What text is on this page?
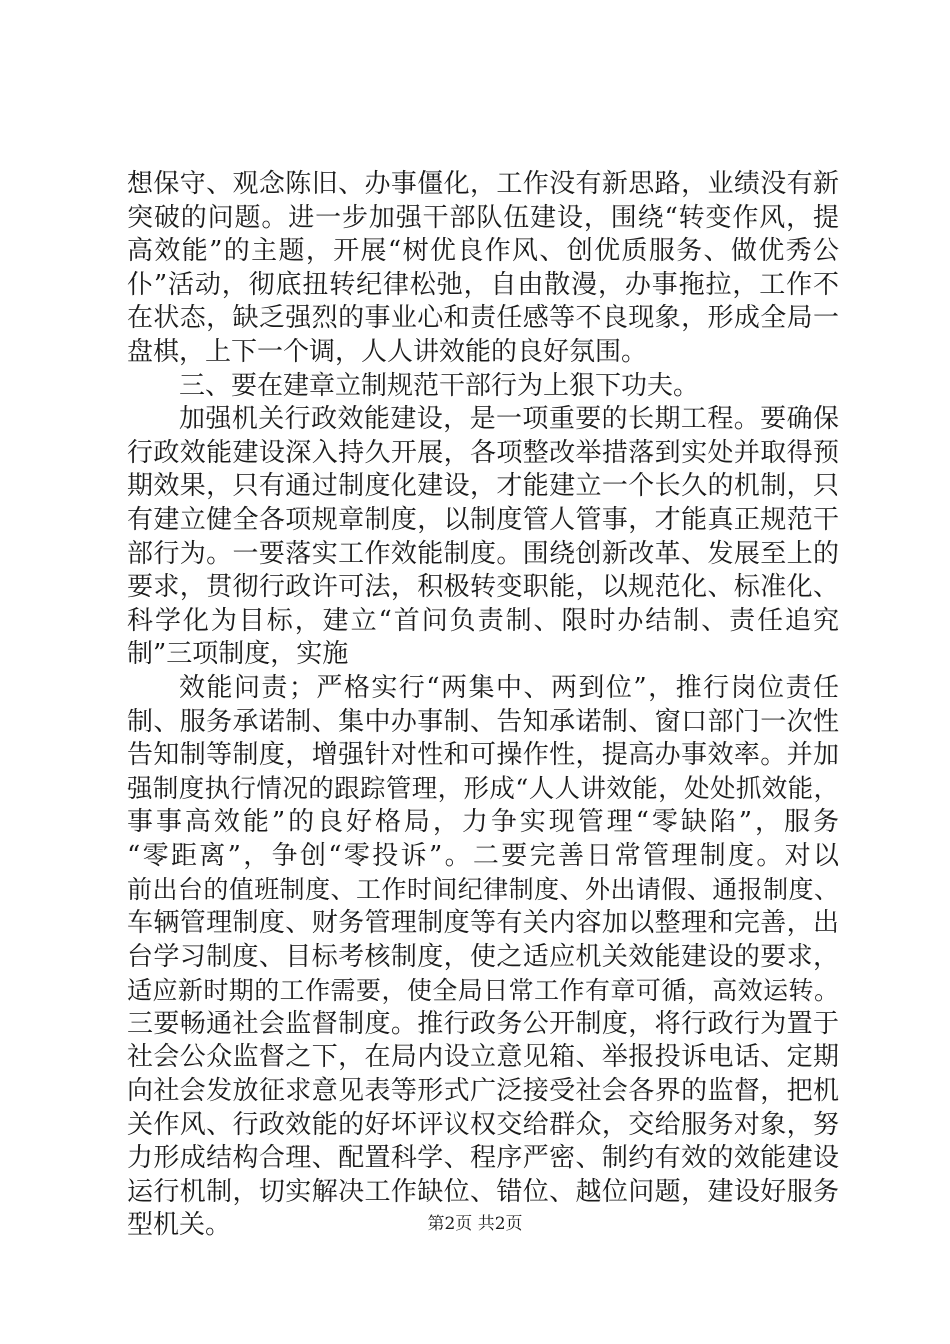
想保守、观念陈旧、办事僵化，工作没有新思路，业绩没有新
突破的问题。进一步加强干部队伍建设，围绕“转变作风，提
高效能”的主题，开展“树优良作风、创优质服务、做优秀公
仆”活动，彻底扭转纪律松弛，自由散漫，办事拖拉，工作不
在状态，缺乏强烈的事业心和责任感等不良现象，形成全局一
盘棋，上下一个调，人人讲效能的良好氛围。
三、要在建章立制规范干部行为上狠下功夫。
加强机关行政效能建设，是一项重要的长期工程。要确保
行政效能建设深入持久开展，各项整改举措落到实处并取得预
期效果，只有通过制度化建设，才能建立一个长久的机制，只
有建立健全各项规章制度，以制度管人管事，才能真正规范干
部行为。一要落实工作效能制度。围绕创新改革、发展至上的
要求，贯彻行政许可法，积极转变职能，以规范化、标准化、
科学化为目标，建立“首问负责制、限时办结制、责任追究
制”三项制度，实施
效能问责；严格实行“两集中、两到位”，推行岗位责任
制、服务承诺制、集中办事制、告知承诺制、窗口部门一次性
告知制等制度，增强针对性和可操作性，提高办事效率。并加
强制度执行情况的跟踪管理，形成“人人讲效能，处处抓效能，
事事高效能”的良好格局，力争实现管理“零缺陷”，服务
“零距离”，争创“零投诉”。二要完善日常管理制度。对以
前出台的值班制度、工作时间纪律制度、外出请假、通报制度、
车辆管理制度、财务管理制度等有关内容加以整理和完善，出
台学习制度、目标考核制度，使之适应机关效能建设的要求，
适应新时期的工作需要，使全局日常工作有章可循，高效运转。
三要畅通社会监督制度。推行政务公开制度，将行政行为置于
社会公众监督之下，在局内设立意见箱、举报投诉电话、定期
向社会发放征求意见表等形式广泛接受社会各界的监督，把机
关作风、行政效能的好坏评议权交给群众，交给服务对象，努
力形成结构合理、配置科学、程序严密、制约有效的效能建设
运行机制，切实解决工作缺位、错位、越位问题，建设好服务
型机关。	第2页 共2页
